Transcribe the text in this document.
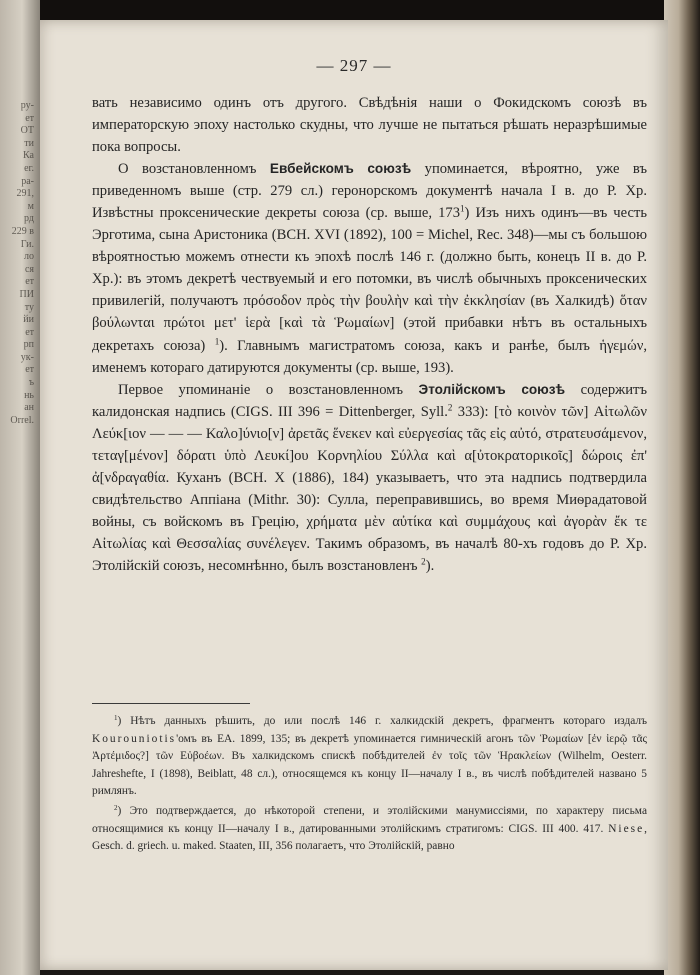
ру-
ет
ОТ
ти
Ка
ег.
ра-
291,
м
рд
229 в
Ги.
ло
ся
ет
ПИ
ту
йи
ет
рп
ук-
ет
ъ
нь
ан
Оrrеl.
— 297 —

вать независимо одинъ отъ другого. Свѣдѣнія наши о Фокидскомъ союзѣ въ императорскую эпоху настолько скудны, что лучше не пытаться рѣшать неразрѣшимые пока вопросы.

О возстановленномъ Евбейскомъ союзѣ упоминается, вѣроятно, уже въ приведенномъ выше (стр. 279 сл.) геронорскомъ документѣ начала I в. до Р. Хр. Извѣстны проксенические декреты союза (ср. выше, $173^1$) Изъ нихъ одинъ—въ честь Эрготима, сына Аристоника (BCH. XVI (1892), 100 = Michel, Rec. 348)—мы съ большою вѣроятностью можемъ отнести къ эпохѣ послѣ 146 г. (должно быть, конецъ II в. до Р. Хр.): въ этомъ декретѣ чествуемый и его потомки, въ числѣ обычныхъ проксенических привилегій, получаютъ πρόσοδον πρὸς τὴν βουλὴν καὶ τὴν ἐκκλησίαν (въ Халкидѣ) ὅταν βούλωνται πρώτοι μετ' ἱερὰ [καὶ τὰ Ῥωμαίων] (этой прибавки нѣтъ въ остальныхъ декретахъ союза) $^1$). Главнымъ магистратомъ союза, какъ и ранѣе, былъ ἡγεμών, именемъ котораго датируются документы (ср. выше, 193).

Первое упоминаніе о возстановленномъ Этолійскомъ союзѣ содержитъ калидонская надпись (CIGS. III 396 = Dittenberger, Syll.$^2$ 333): [τὸ κοινὸν τῶν] Αἰτωλῶν Λεύκ[ιον — — — Καλο]ύνιο[ν] ἀρετᾶς ἕνεκεν καὶ εὐεργεσίας τᾶς εἰς αὐτό, στρατευσάμενον, τεταγ[μένον] δόρατι ὑπὸ Λευκί]ου Κορνηλίου Σύλλα καὶ α[ὐτοκρατορικοῖς] δώροις ἐπ' ἀ[νδραγαθία. Куханъ (BCH. X (1886), 184) указываетъ, что эта надпись подтвердила свидѣтельство Аппіана (Mithr. 30): Сулла, переправившись, во время Миѳрадатовой войны, съ войскомъ въ Грецію, χρήματα μὲν αὐτίκα καὶ συμμάχους καὶ ἀγορὰν ἔκ τε Αἰτωλίας καὶ Θεσσαλίας συνέλεγεν. Такимъ образомъ, въ началѣ 80-хъ годовъ до Р. Хр. Этолійскій союзъ, несомнѣнно, былъ возстановленъ $^2$).

$^1$) Нѣтъ данныхъ рѣшить, до или послѣ 146 г. халкидскій декретъ, фрагментъ котораго издалъ Kourouniotis'омъ въ ΕΑ. 1899, 135; въ декретѣ упоминается гимническій агонъ τῶν Ῥωμαίων [ἐν ἱερῷ τᾶς Ἀρτέμιδος?] τῶν Εὐβοέων. Въ халкидскомъ спискѣ побѣдителей ἐν τοῖς τῶν Ἡρακλείων (Wilhelm, Oesterr. Jahreshefte, I (1898), Beiblatt, 48 сл.), относящемся къ концу II—началу I в., въ числѣ побѣдителей названо 5 римлянъ.

$^2$) Это подтверждается, до нѣкоторой степени, и этолійскими манумиссіями, по характеру письма относящимися къ концу II—началу I в., датированными этолійскимъ стратигомъ: CIGS. III 400. 417. Niese, Gesch. d. griech. u. maked. Staaten, III, 356 полагаетъ, что Этолійскій, равно
